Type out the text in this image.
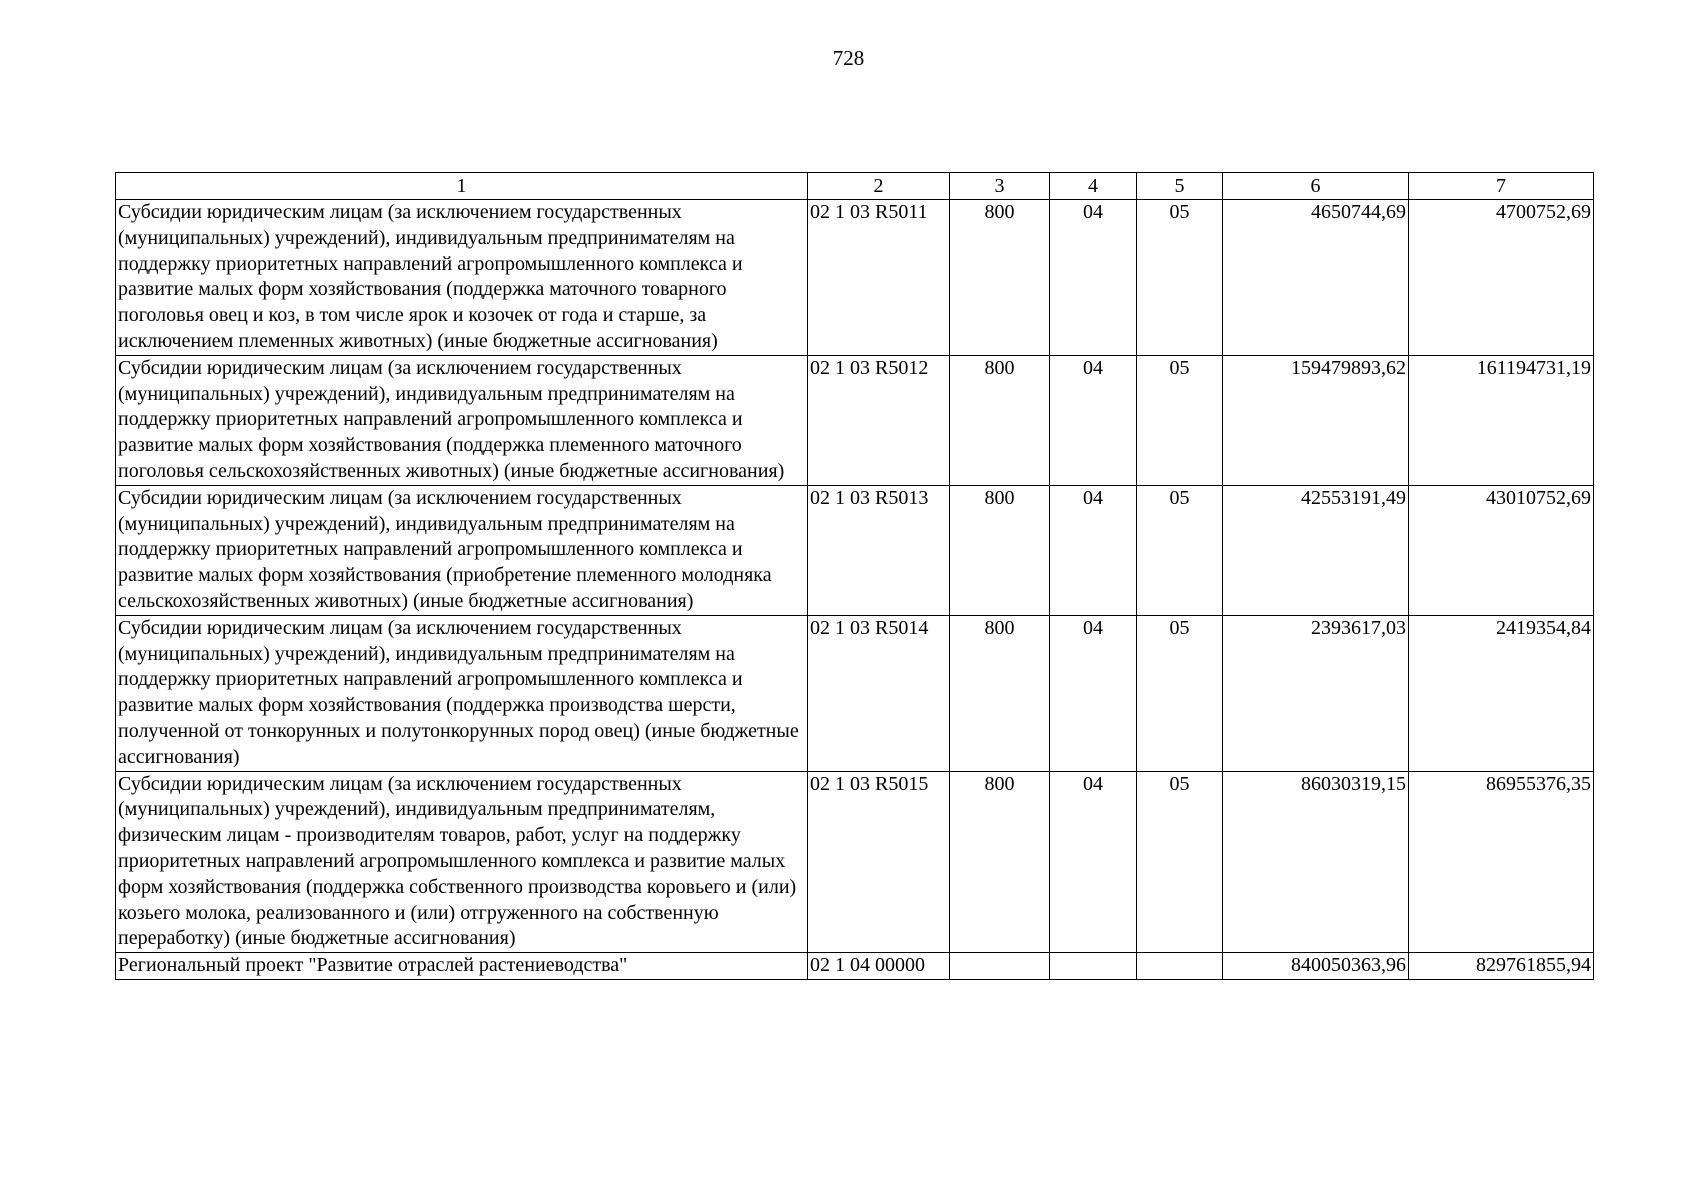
728
1	2	3	4	5	6	7
Субсидии юридическим лицам (за исключением государственных (муниципальных) учреждений), индивидуальным предпринимателям на поддержку приоритетных направлений агропромышленного комплекса и развитие малых форм хозяйствования (поддержка маточного товарного поголовья овец и коз, в том числе ярок и козочек от года и старше, за исключением племенных животных) (иные бюджетные ассигнования)	02 1 03 R5011	800	04	05	4650744,69	4700752,69
Субсидии юридическим лицам (за исключением государственных (муниципальных) учреждений), индивидуальным предпринимателям на поддержку приоритетных направлений агропромышленного комплекса и развитие малых форм хозяйствования (поддержка племенного маточного поголовья сельскохозяйственных животных) (иные бюджетные ассигнования)	02 1 03 R5012	800	04	05	159479893,62	161194731,19
Субсидии юридическим лицам (за исключением государственных (муниципальных) учреждений), индивидуальным предпринимателям на поддержку приоритетных направлений агропромышленного комплекса и развитие малых форм хозяйствования (приобретение племенного молодняка сельскохозяйственных животных) (иные бюджетные ассигнования)	02 1 03 R5013	800	04	05	42553191,49	43010752,69
Субсидии юридическим лицам (за исключением государственных (муниципальных) учреждений), индивидуальным предпринимателям на поддержку приоритетных направлений агропромышленного комплекса и развитие малых форм хозяйствования (поддержка производства шерсти, полученной от тонкорунных и полутонкорунных пород овец) (иные бюджетные ассигнования)	02 1 03 R5014	800	04	05	2393617,03	2419354,84
Субсидии юридическим лицам (за исключением государственных (муниципальных) учреждений), индивидуальным предпринимателям, физическим лицам - производителям товаров, работ, услуг на поддержку приоритетных направлений агропромышленного комплекса и развитие малых форм хозяйствования (поддержка собственного производства коровьего и (или) козьего молока, реализованного и (или) отгруженного на собственную переработку) (иные бюджетные ассигнования)	02 1 03 R5015	800	04	05	86030319,15	86955376,35
Региональный проект "Развитие отраслей растениеводства"	02 1 04 00000				840050363,96	829761855,94
